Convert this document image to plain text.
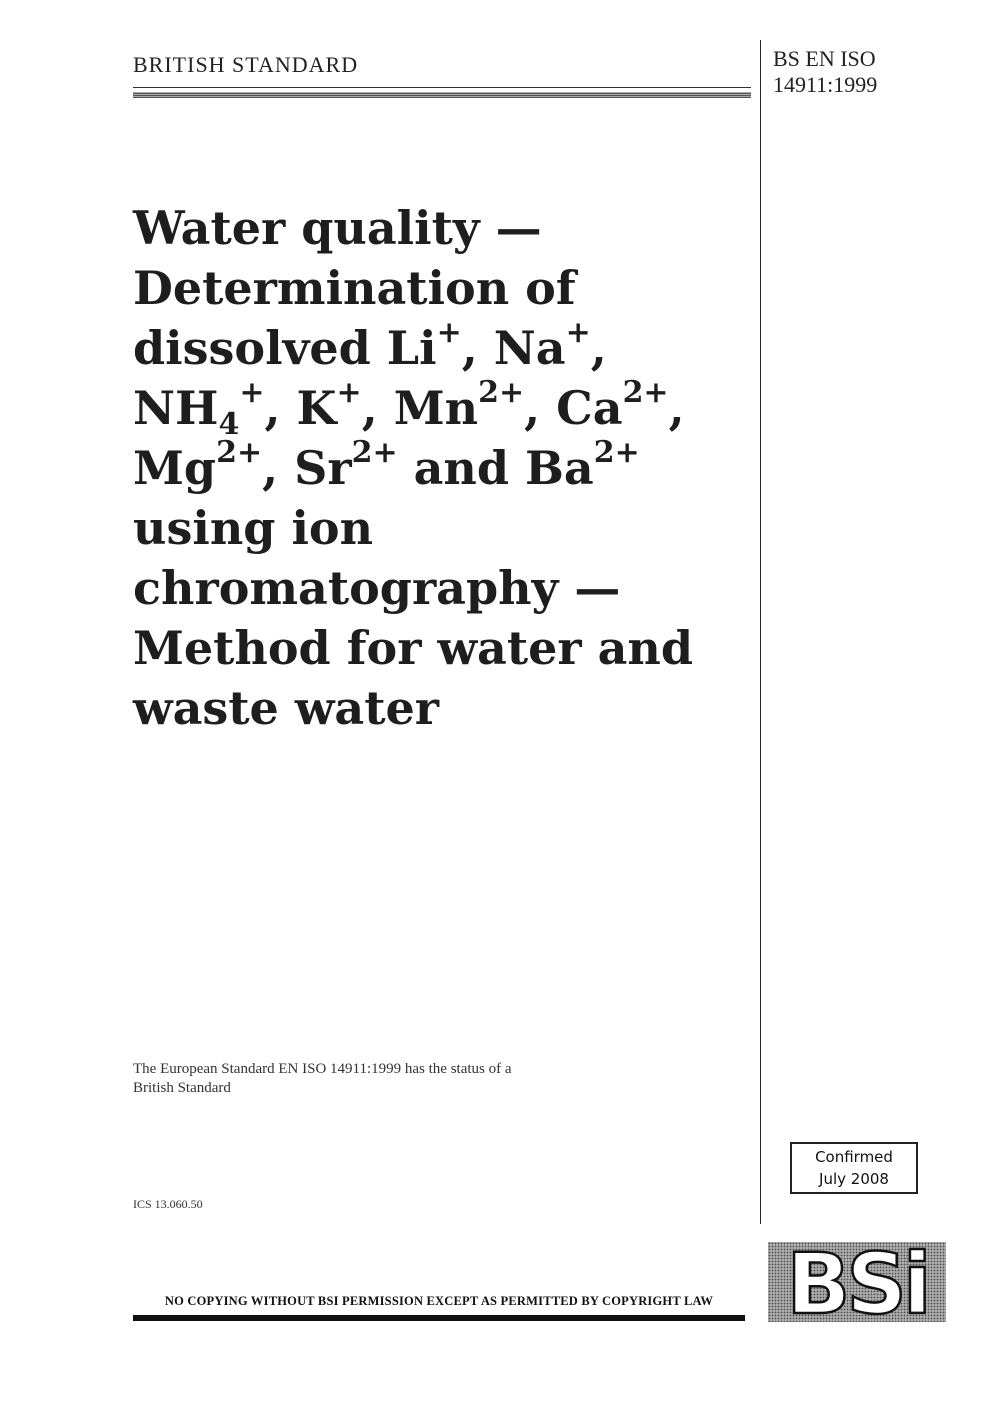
BRITISH STANDARD	BS EN ISO
14911:1999
Water quality —
Determination of
dissolved Li+, Na+,
$NH_4^+$, K+, $Mn^{2+}$, $Ca^{2+}$,
$Mg^{2+}$, $Sr^{2+}$ and $Ba^{2+}$
using ion
chromatography —
Method for water and
waste water
The European Standard EN ISO 14911:1999 has the status of a
British Standard
Confirmed
July 2008
ICS 13.060.50
NO COPYING WITHOUT BSI PERMISSION EXCEPT AS PERMITTED BY COPYRIGHT LAW BSi
